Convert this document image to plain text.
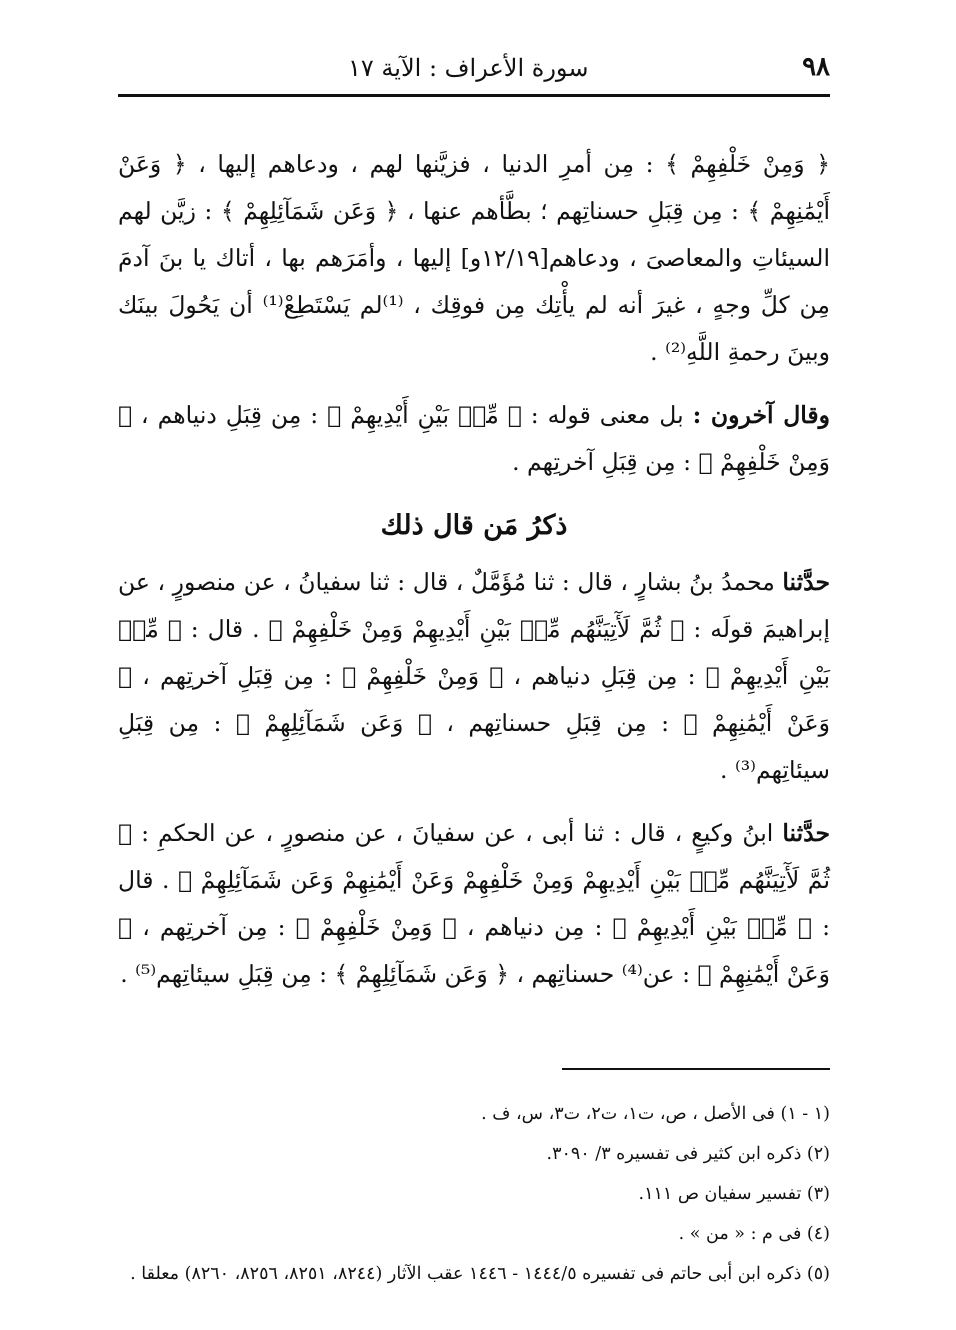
٩٨
سورة الأعراف : الآية ١٧

﴿ وَمِنْ خَلْفِهِمْ ﴾ : مِن أمرِ الدنيا ، فزيَّنها لهم ، ودعاهم إليها ، ﴿ وَعَنْ أَيْمَٰنِهِمْ ﴾ : مِن قِبَلِ حسناتِهم ؛ بطَّأهم عنها ، ﴿ وَعَن شَمَآئِلِهِمْ ﴾ : زيَّن لهم السيئاتِ والمعاصىَ ، ودعاهم[١٢/١٩و] إليها ، وأمَرَهم بها ، أتاك يا بنَ آدمَ مِن كلِّ وجهٍ ، غيرَ أنه لم يأْتِك مِن فوقِك ، ⁽¹⁾لم يَسْتَطِعْ⁽¹⁾ أن يَحُولَ بينَك وبينَ رحمةِ اللَّهِ⁽²⁾ .

وقال آخرون : بل معنى قوله : ﴿ مِّنۢ بَيْنِ أَيْدِيهِمْ ﴾ : مِن قِبَلِ دنياهم ، ﴿ وَمِنْ خَلْفِهِمْ ﴾ : مِن قِبَلِ آخرتِهم .

ذكرُ مَن قال ذلك

حدَّثنا محمدُ بنُ بشارٍ ، قال : ثنا مُؤَمَّلٌ ، قال : ثنا سفيانُ ، عن منصورٍ ، عن إبراهيمَ قولَه : ﴿ ثُمَّ لَأٓتِيَنَّهُم مِّنۢ بَيْنِ أَيْدِيهِمْ وَمِنْ خَلْفِهِمْ ﴾ . قال : ﴿ مِّنۢ بَيْنِ أَيْدِيهِمْ ﴾ : مِن قِبَلِ دنياهم ، ﴿ وَمِنْ خَلْفِهِمْ ﴾ : مِن قِبَلِ آخرتِهم ، ﴿ وَعَنْ أَيْمَٰنِهِمْ ﴾ : مِن قِبَلِ حسناتِهم ، ﴿ وَعَن شَمَآئِلِهِمْ ﴾ : مِن قِبَلِ سيئاتِهم⁽³⁾ .

حدَّثنا ابنُ وكيعٍ ، قال : ثنا أبى ، عن سفيانَ ، عن منصورٍ ، عن الحكمِ : ﴿ ثُمَّ لَأٓتِيَنَّهُم مِّنۢ بَيْنِ أَيْدِيهِمْ وَمِنْ خَلْفِهِمْ وَعَنْ أَيْمَٰنِهِمْ وَعَن شَمَآئِلِهِمْ ﴾ . قال : ﴿ مِّنۢ بَيْنِ أَيْدِيهِمْ ﴾ : مِن دنياهم ، ﴿ وَمِنْ خَلْفِهِمْ ﴾ : مِن آخرتِهم ، ﴿ وَعَنْ أَيْمَٰنِهِمْ ﴾ : عن⁽⁴⁾ حسناتِهم ، ﴿ وَعَن شَمَآئِلِهِمْ ﴾ : مِن قِبَلِ سيئاتِهم⁽⁵⁾ .

(١ - ١) فى الأصل ، ص، ت١، ت٢، ت٣، س، ف .

(٢) ذكره ابن كثير فى تفسيره ٣/ ٣٠٩٠.

(٣) تفسير سفيان ص ١١١.

(٤) فى م : « من » .

(٥) ذكره ابن أبى حاتم فى تفسيره ١٤٤٤/٥ - ١٤٤٦ عقب الآثار (٨٢٤٤، ٨٢٥١، ٨٢٥٦، ٨٢٦٠) معلقا .
